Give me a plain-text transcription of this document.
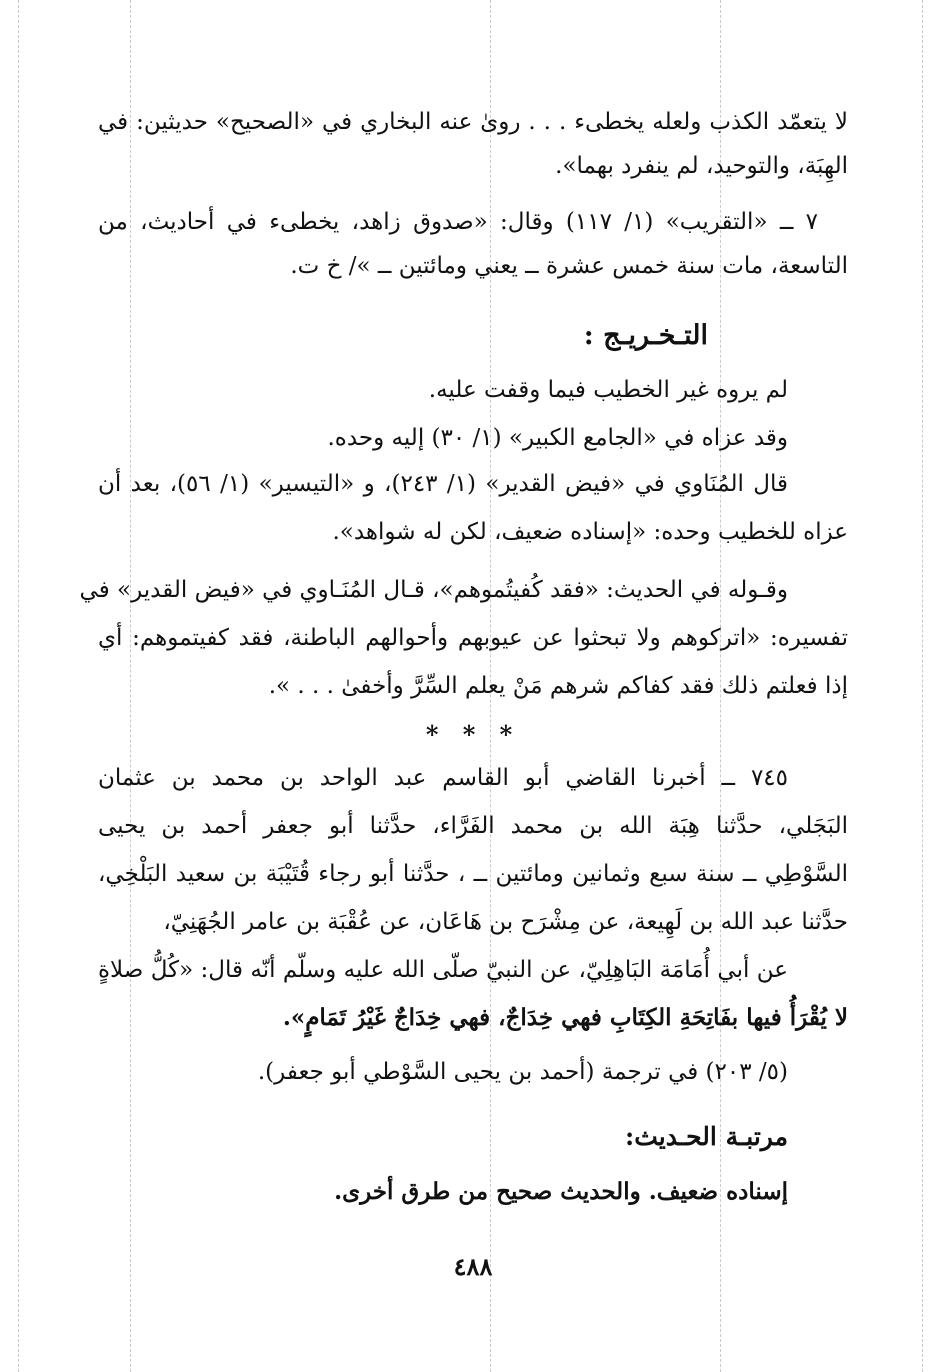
لا يتعمّد الكذب ولعله يخطىء . . . روىٰ عنه البخاري في «الصحيح» حديثين: في
الهِبَة، والتوحيد، لم ينفرد بهما».
٧ ــ «التقريب» (١/ ١١٧) وقال: «صدوق زاهد، يخطىء في أحاديث، من
التاسعة، مات سنة خمس عشرة ــ يعني ومائتين ــ »/ خ ت.
التـخـريـج :
لم يروه غير الخطيب فيما وقفت عليه.
وقد عزاه في «الجامع الكبير» (١/ ٣٠) إليه وحده.
قال المُنَاوي في «فيض القدير» (١/ ٢٤٣)، و «التيسير» (١/ ٥٦)، بعد أن
عزاه للخطيب وحده: «إسناده ضعيف، لكن له شواهد».
وقـوله في الحديث: «فقد كُفيتُموهم»، قـال المُنَـاوي في «فيض القدير» في
تفسيره: «اتركوهم ولا تبحثوا عن عيوبهم وأحوالهم الباطنة، فقد كفيتموهم: أي
إذا فعلتم ذلك فقد كفاكم شرهم مَنْ يعلم السِّرَّ وأخفىٰ . . . ».
* * *
٧٤٥ ــ أخبرنا القاضي أبو القاسم عبد الواحد بن محمد بن عثمان
البَجَلي، حدَّثنا هِبَة الله بن محمد الفَرَّاء، حدَّثنا أبو جعفر أحمد بن يحيى
السَّوْطِي ــ سنة سبع وثمانين ومائتين ــ ، حدَّثنا أبو رجاء قُتَيْبَة بن سعيد البَلْخِي،
حدَّثنا عبد الله بن لَهِيعة، عن مِشْرَح بن هَاعَان، عن عُقْبَة بن عامر الجُهَنِيّ،
عن أبي أُمَامَة البَاهِلِيّ، عن النبيّ صلّى الله عليه وسلّم أنّه قال: «كُلُّ صلاةٍ
لا يُقْرَأُ فيها بفَاتِحَةِ الكِتَابِ فهي خِدَاجٌ، فهي خِدَاجٌ غَيْرُ تَمَامٍ».
(٥/ ٢٠٣) في ترجمة (أحمد بن يحيى السَّوْطي أبو جعفر).
مرتبـة الحـديث:
إسناده ضعيف. والحديث صحيح من طرق أخرى.
٤٨٨
